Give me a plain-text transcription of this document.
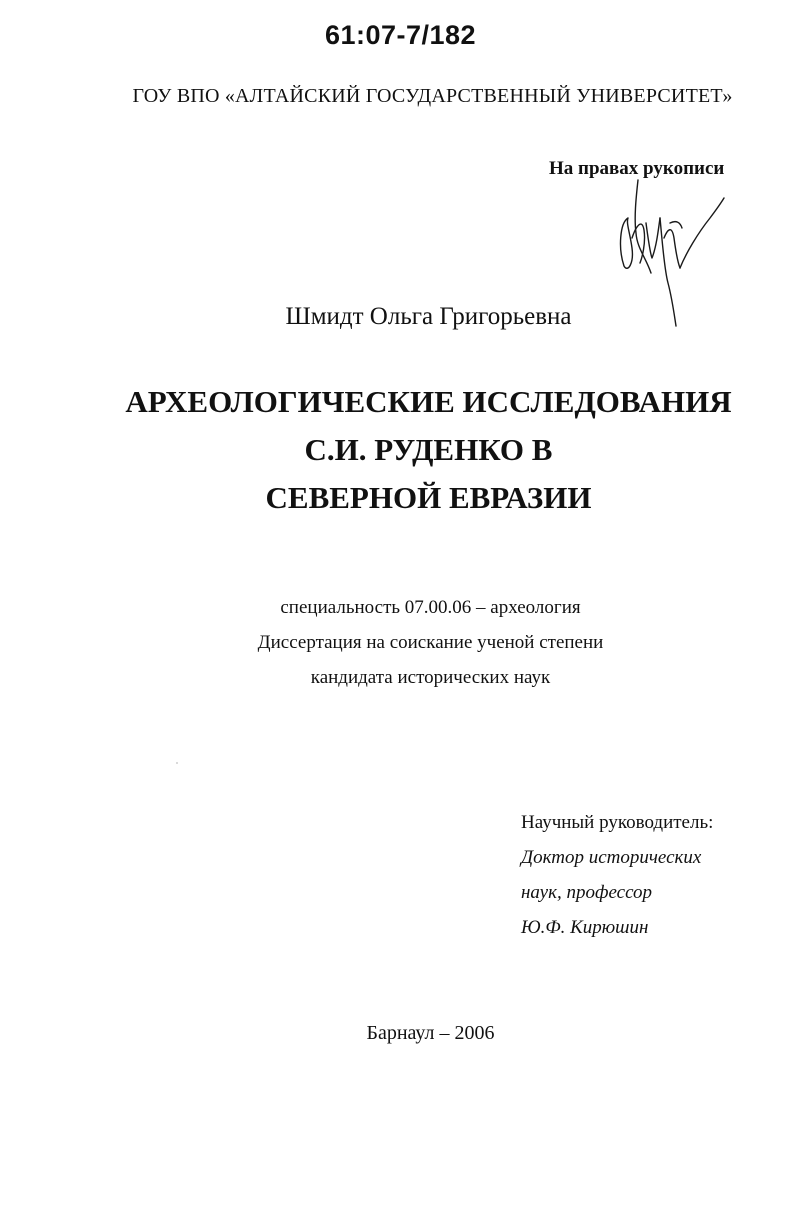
61:07-7/182
ГОУ ВПО «АЛТАЙСКИЙ ГОСУДАРСТВЕННЫЙ УНИВЕРСИТЕТ»
На правах рукописи
Шмидт Ольга Григорьевна
АРХЕОЛОГИЧЕСКИЕ ИССЛЕДОВАНИЯ
С.И. РУДЕНКО В
СЕВЕРНОЙ ЕВРАЗИИ
специальность 07.00.06 – археология
Диссертация на соискание ученой степени
кандидата исторических наук
Научный руководитель:
Доктор исторических
наук, профессор
Ю.Ф. Кирюшин
Барнаул – 2006
